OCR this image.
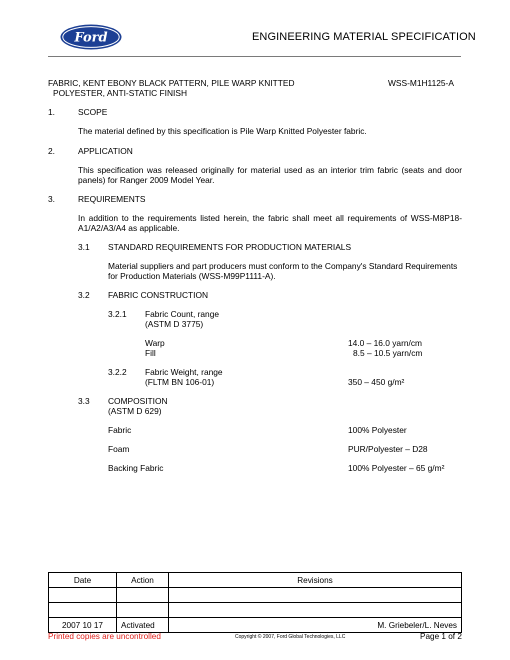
Ford	ENGINEERING MATERIAL SPECIFICATION
FABRIC, KENT EBONY BLACK PATTERN, PILE WARP KNITTED
POLYESTER, ANTI-STATIC FINISH
WSS-M1H1125-A
1.	SCOPE
The material defined by this specification is Pile Warp Knitted Polyester fabric.
2.	APPLICATION
This specification was released originally for material used as an interior trim fabric (seats and door panels) for Ranger 2009 Model Year.
3.	REQUIREMENTS
In addition to the requirements listed herein, the fabric shall meet all requirements of WSS-M8P18-A1/A2/A3/A4 as applicable.
3.1 STANDARD REQUIREMENTS FOR PRODUCTION MATERIALS
Material suppliers and part producers must conform to the Company's Standard Requirements for Production Materials (WSS-M99P1111-A).
3.2 FABRIC CONSTRUCTION
3.2.1 Fabric Count, range
(ASTM D 3775)
Warp	14.0 – 16.0 yarn/cm
Fill	8.5 – 10.5 yarn/cm
3.2.2 Fabric Weight, range
(FLTM BN 106-01)	350 – 450 g/m²
3.3 COMPOSITION
(ASTM D 629)
Fabric	100% Polyester
Foam	PUR/Polyester – D28
Backing Fabric	100% Polyester – 65 g/m²
Date	Action	Revisions

2007 10 17	Activated	M. Griebeler/L. Neves
Printed copies are uncontrolled	Copyright © 2007, Ford Global Technologies, LLC	Page 1 of 2
